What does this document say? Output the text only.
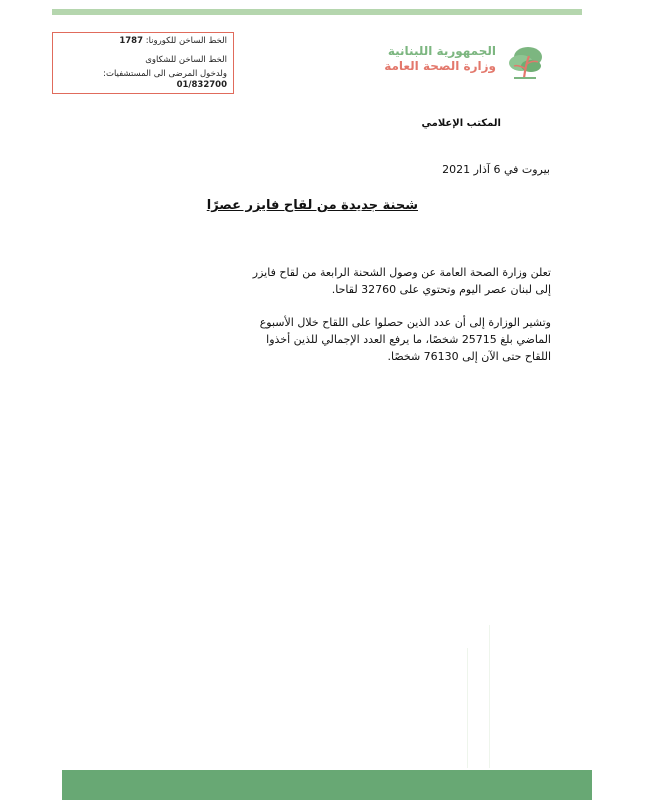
الخط الساخن للكورونا: 1787
الخط الساخن للشكاوى
ولدخول المرضى الى المستشفيات: 01/832700
الجمهورية اللبنانية
وزارة الصحة العامة
المكتب الإعلامي
بيروت في 6 آذار 2021
شحنة جديدة من لقاح فايزر عصرًا

تعلن وزارة الصحة العامة عن وصول الشحنة الرابعة من لقاح فايزر إلى لبنان عصر اليوم وتحتوي على 32760 لقاحا.

وتشير الوزارة إلى أن عدد الذين حصلوا على اللقاح خلال الأسبوع الماضي بلغ 25715 شخصًا، ما يرفع العدد الإجمالي للذين أخذوا اللقاح حتى الآن إلى 76130 شخصًا.
